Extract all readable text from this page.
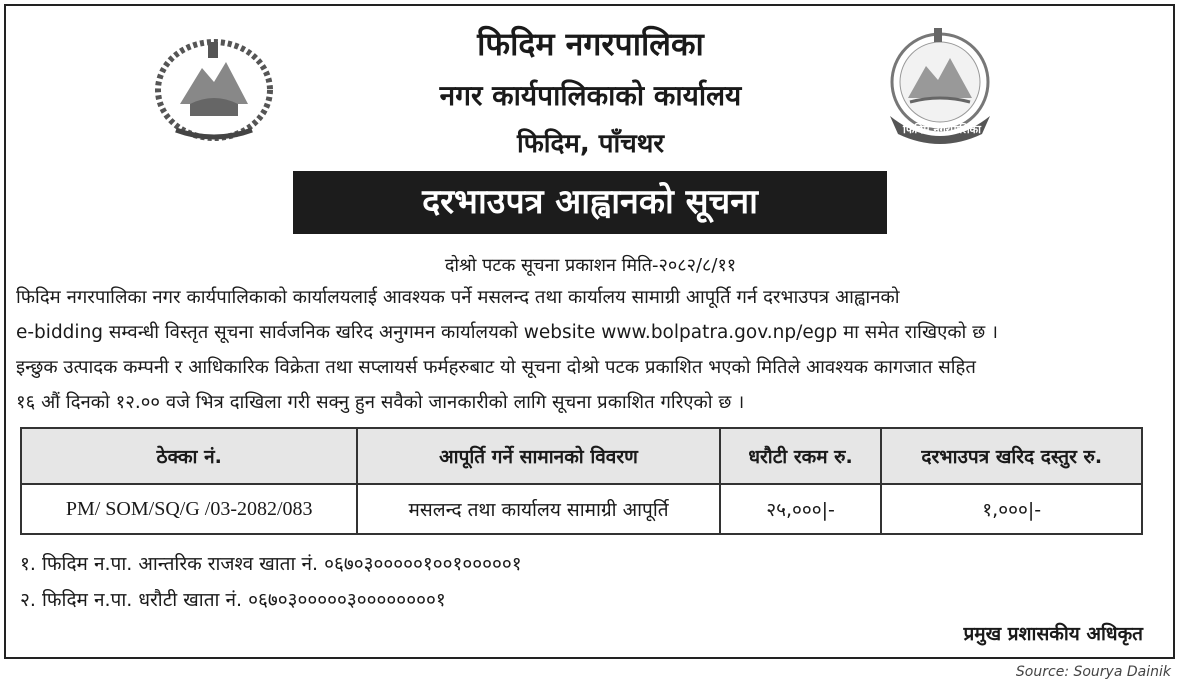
फिदिम नगरपालिका
फिदिम नगरपालिका
नगर कार्यपालिकाको कार्यालय
फिदिम, पाँचथर
दरभाउपत्र आह्वानको सूचना
दोश्रो पटक सूचना प्रकाशन मिति-२०८२/८/११

फिदिम नगरपालिका नगर कार्यपालिकाको कार्यालयलाई आवश्यक पर्ने मसलन्द तथा कार्यालय सामाग्री आपूर्ति गर्न दरभाउपत्र आह्वानको

e-bidding सम्वन्धी विस्तृत सूचना सार्वजनिक खरिद अनुगमन कार्यालयको website www.bolpatra.gov.np/egp मा समेत राखिएको छ ।

इन्छुक उत्पादक कम्पनी र आधिकारिक विक्रेता तथा सप्लायर्स फर्महरुबाट यो सूचना दोश्रो पटक प्रकाशित भएको मितिले आवश्यक कागजात सहित

१६ औं दिनको १२.०० वजे भित्र दाखिला गरी सक्नु हुन सवैको जानकारीको लागि सूचना प्रकाशित गरिएको छ ।

ठेक्का नं.	आपूर्ति गर्ने सामानको विवरण	धरौटी रकम रु.	दरभाउपत्र खरिद दस्तुर रु.
PM/ SOM/SQ/G /03-2082/083	मसलन्द तथा कार्यालय सामाग्री आपूर्ति	२५,०००|-	१,०००|-
१. फिदिम न.पा. आन्तरिक राजश्व खाता नं. ०६७०३०००००१००१०००००१
२. फिदिम न.पा. धरौटी खाता नं. ०६७०३०००००३००००००००१
प्रमुख प्रशासकीय अधिकृत
Source: Sourya Dainik
